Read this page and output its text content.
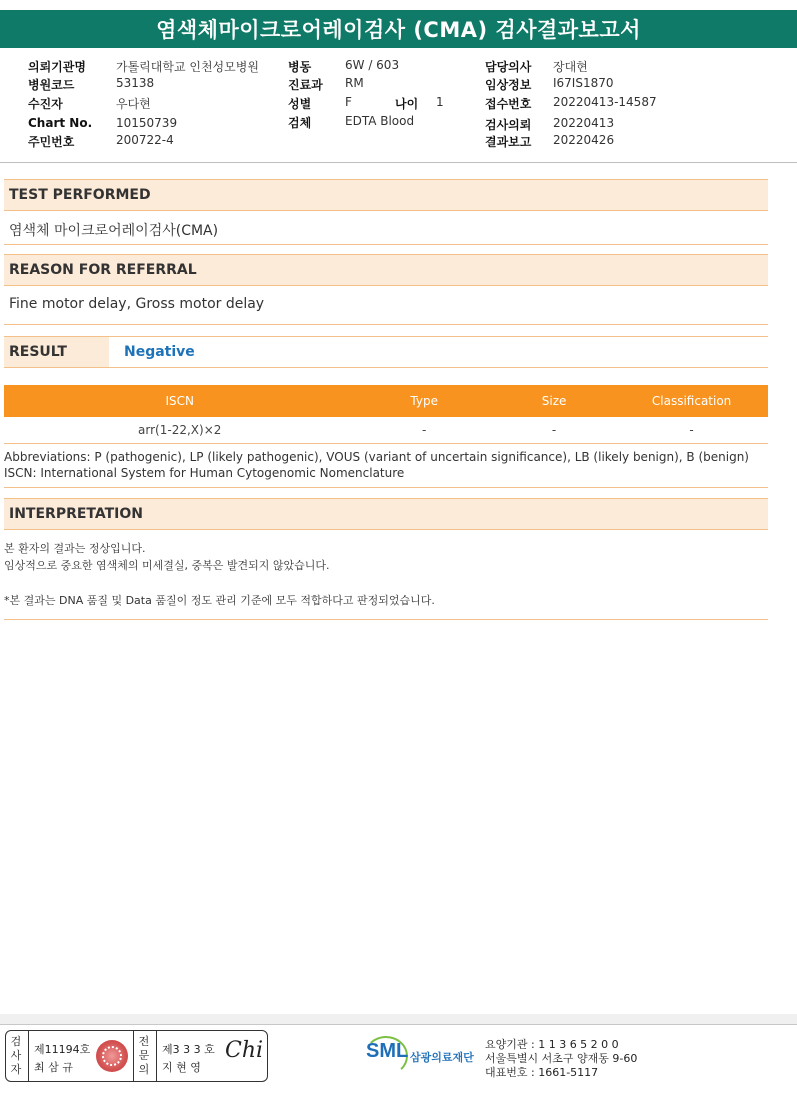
염색체마이크로어레이검사 (CMA) 검사결과보고서
의뢰기관명	가톨릭대학교 인천성모병원
병원코드	53138
수진자	우다현
Chart No. 10150739
주민번호	200722-4
병동	6W / 603
진료과 RM
성별	F	나이 1
검체	EDTA Blood
담당의사 장대현
임상정보 I67IS1870
접수번호 20220413-14587
검사의뢰 20220413
결과보고 20220426
TEST PERFORMED
염색체 마이크로어레이검사(CMA)
REASON FOR REFERRAL
Fine motor delay, Gross motor delay
RESULT	Negative
ISCN	Type	Size	Classification
arr(1-22,X)×2	-	-	-
Abbreviations: P (pathogenic), LP (likely pathogenic), VOUS (variant of uncertain significance), LB (likely benign), B (benign)
ISCN: International System for Human Cytogenomic Nomenclature
INTERPRETATION
본 환자의 결과는 정상입니다.
임상적으로 중요한 염색체의 미세결실, 중복은 발견되지 않았습니다.
*본 결과는 DNA 품질 및 Data 품질이 정도 관리 기준에 모두 적합하다고 판정되었습니다.
검
사
자
제11194호
최 삼 규
전
문
의
제3 3 3 호
지 현 영
Chi	SML 삼광의료재단
요양기관 : 1 1 3 6 5 2 0 0
서울특별시 서초구 양재동 9-60
대표번호 : 1661-5117
